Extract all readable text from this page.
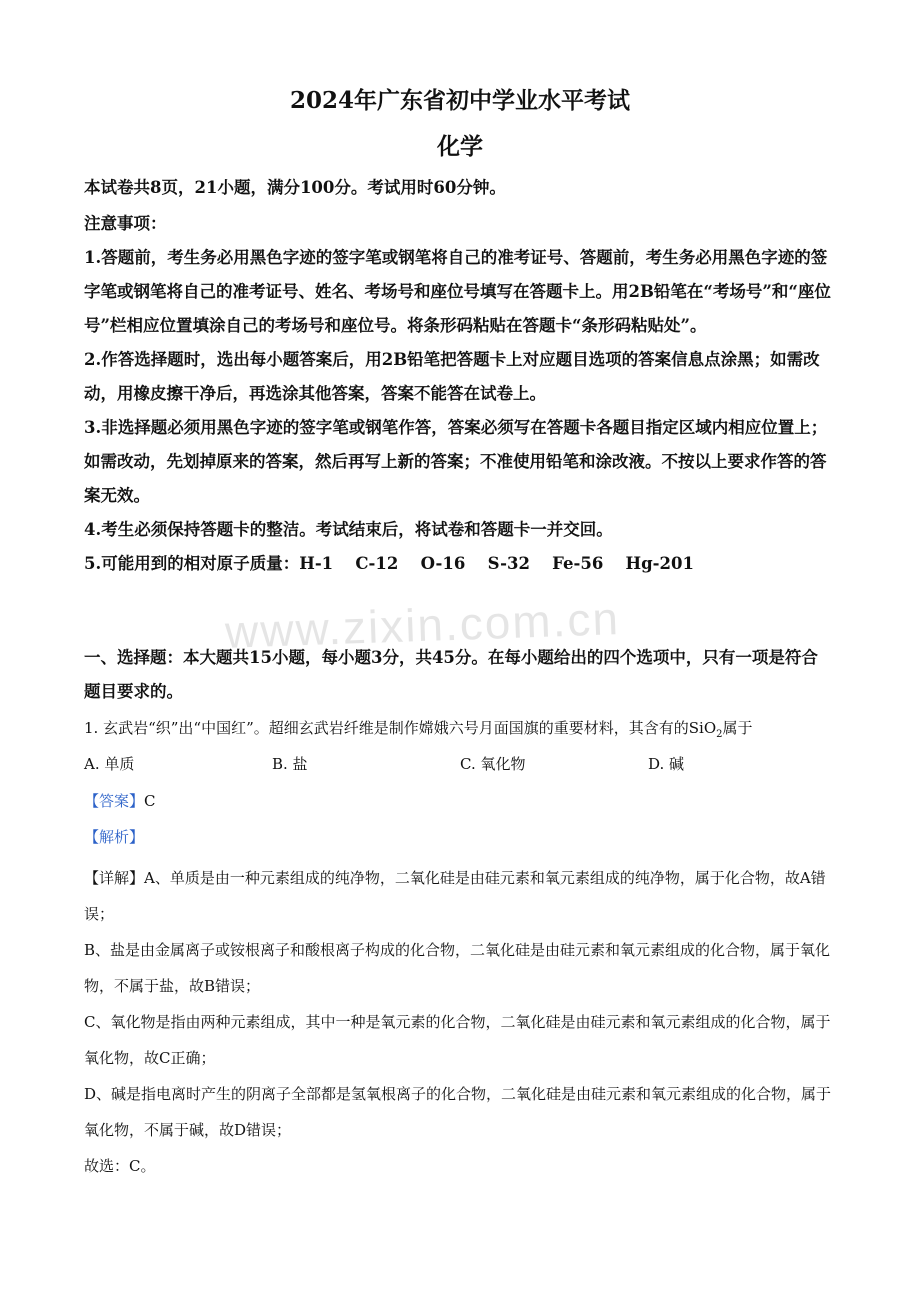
www.zixin.com.cn
2024年广东省初中学业水平考试
化学
本试卷共8页，21小题，满分100分。考试用时60分钟。

注意事项：

1.答题前，考生务必用黑色字迹的签字笔或钢笔将自己的准考证号、答题前，考生务必用黑色字迹的签字笔或钢笔将自己的准考证号、姓名、考场号和座位号填写在答题卡上。用2B铅笔在“考场号”和“座位号”栏相应位置填涂自己的考场号和座位号。将条形码粘贴在答题卡“条形码粘贴处”。

2.作答选择题时，选出每小题答案后，用2B铅笔把答题卡上对应题目选项的答案信息点涂黑；如需改动，用橡皮擦干净后，再选涂其他答案，答案不能答在试卷上。

3.非选择题必须用黑色字迹的签字笔或钢笔作答，答案必须写在答题卡各题目指定区域内相应位置上；如需改动，先划掉原来的答案，然后再写上新的答案；不准使用铅笔和涂改液。不按以上要求作答的答案无效。

4.考生必须保持答题卡的整洁。考试结束后，将试卷和答题卡一并交回。

5.可能用到的相对原子质量：H-1　 C-12　 O-16　 S-32　 Fe-56　 Hg-201

一、选择题：本大题共15小题，每小题3分，共45分。在每小题给出的四个选项中，只有一项是符合题目要求的。
1. 玄武岩“织”出“中国红”。超细玄武岩纤维是制作嫦娥六号月面国旗的重要材料，其含有的SiO$_2$属于
A. 单质	B. 盐	C. 氧化物	D. 碱
【答案】C
【解析】

【详解】A、单质是由一种元素组成的纯净物，二氧化硅是由硅元素和氧元素组成的纯净物，属于化合物，故A错误；

B、盐是由金属离子或铵根离子和酸根离子构成的化合物，二氧化硅是由硅元素和氧元素组成的化合物，属于氧化物，不属于盐，故B错误；

C、氧化物是指由两种元素组成，其中一种是氧元素的化合物，二氧化硅是由硅元素和氧元素组成的化合物，属于氧化物，故C正确；

D、碱是指电离时产生的阴离子全部都是氢氧根离子的化合物，二氧化硅是由硅元素和氧元素组成的化合物，属于氧化物，不属于碱，故D错误；

故选：C。
